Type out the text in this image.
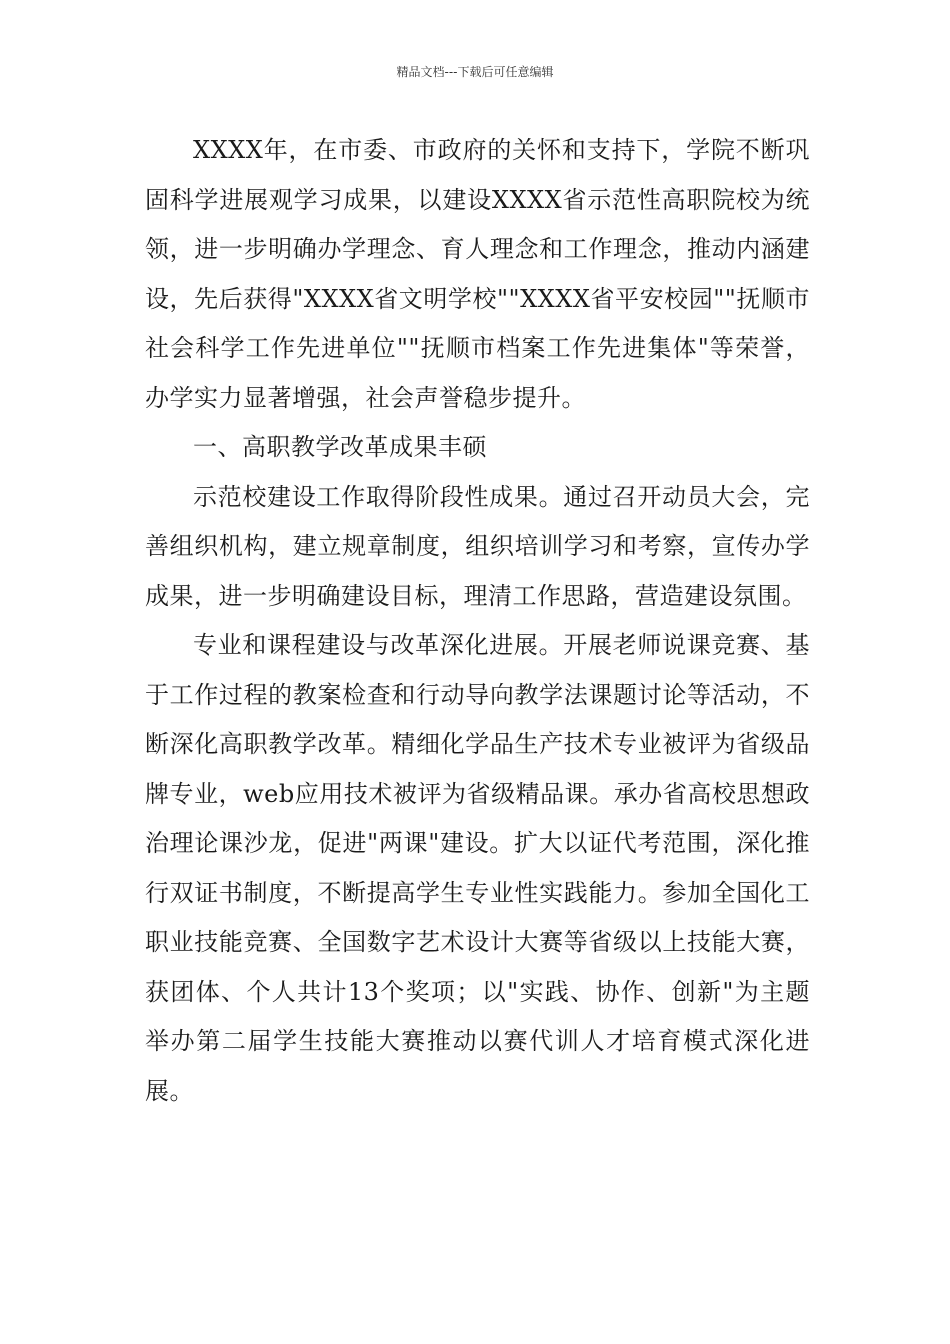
精品文档---下载后可任意编辑

XXXX年，在市委、市政府的关怀和支持下，学院不断巩固科学进展观学习成果，以建设XXXX省示范性高职院校为统领，进一步明确办学理念、育人理念和工作理念，推动内涵建设，先后获得"XXXX省文明学校""XXXX省平安校园""抚顺市社会科学工作先进单位""抚顺市档案工作先进集体"等荣誉，办学实力显著增强，社会声誉稳步提升。

一、高职教学改革成果丰硕

示范校建设工作取得阶段性成果。通过召开动员大会，完善组织机构，建立规章制度，组织培训学习和考察，宣传办学成果，进一步明确建设目标，理清工作思路，营造建设氛围。

专业和课程建设与改革深化进展。开展老师说课竞赛、基于工作过程的教案检查和行动导向教学法课题讨论等活动，不断深化高职教学改革。精细化学品生产技术专业被评为省级品牌专业，web应用技术被评为省级精品课。承办省高校思想政治理论课沙龙，促进"两课"建设。扩大以证代考范围，深化推行双证书制度，不断提高学生专业性实践能力。参加全国化工职业技能竞赛、全国数字艺术设计大赛等省级以上技能大赛，获团体、个人共计13个奖项；以"实践、协作、创新"为主题举办第二届学生技能大赛推动以赛代训人才培育模式深化进展。
